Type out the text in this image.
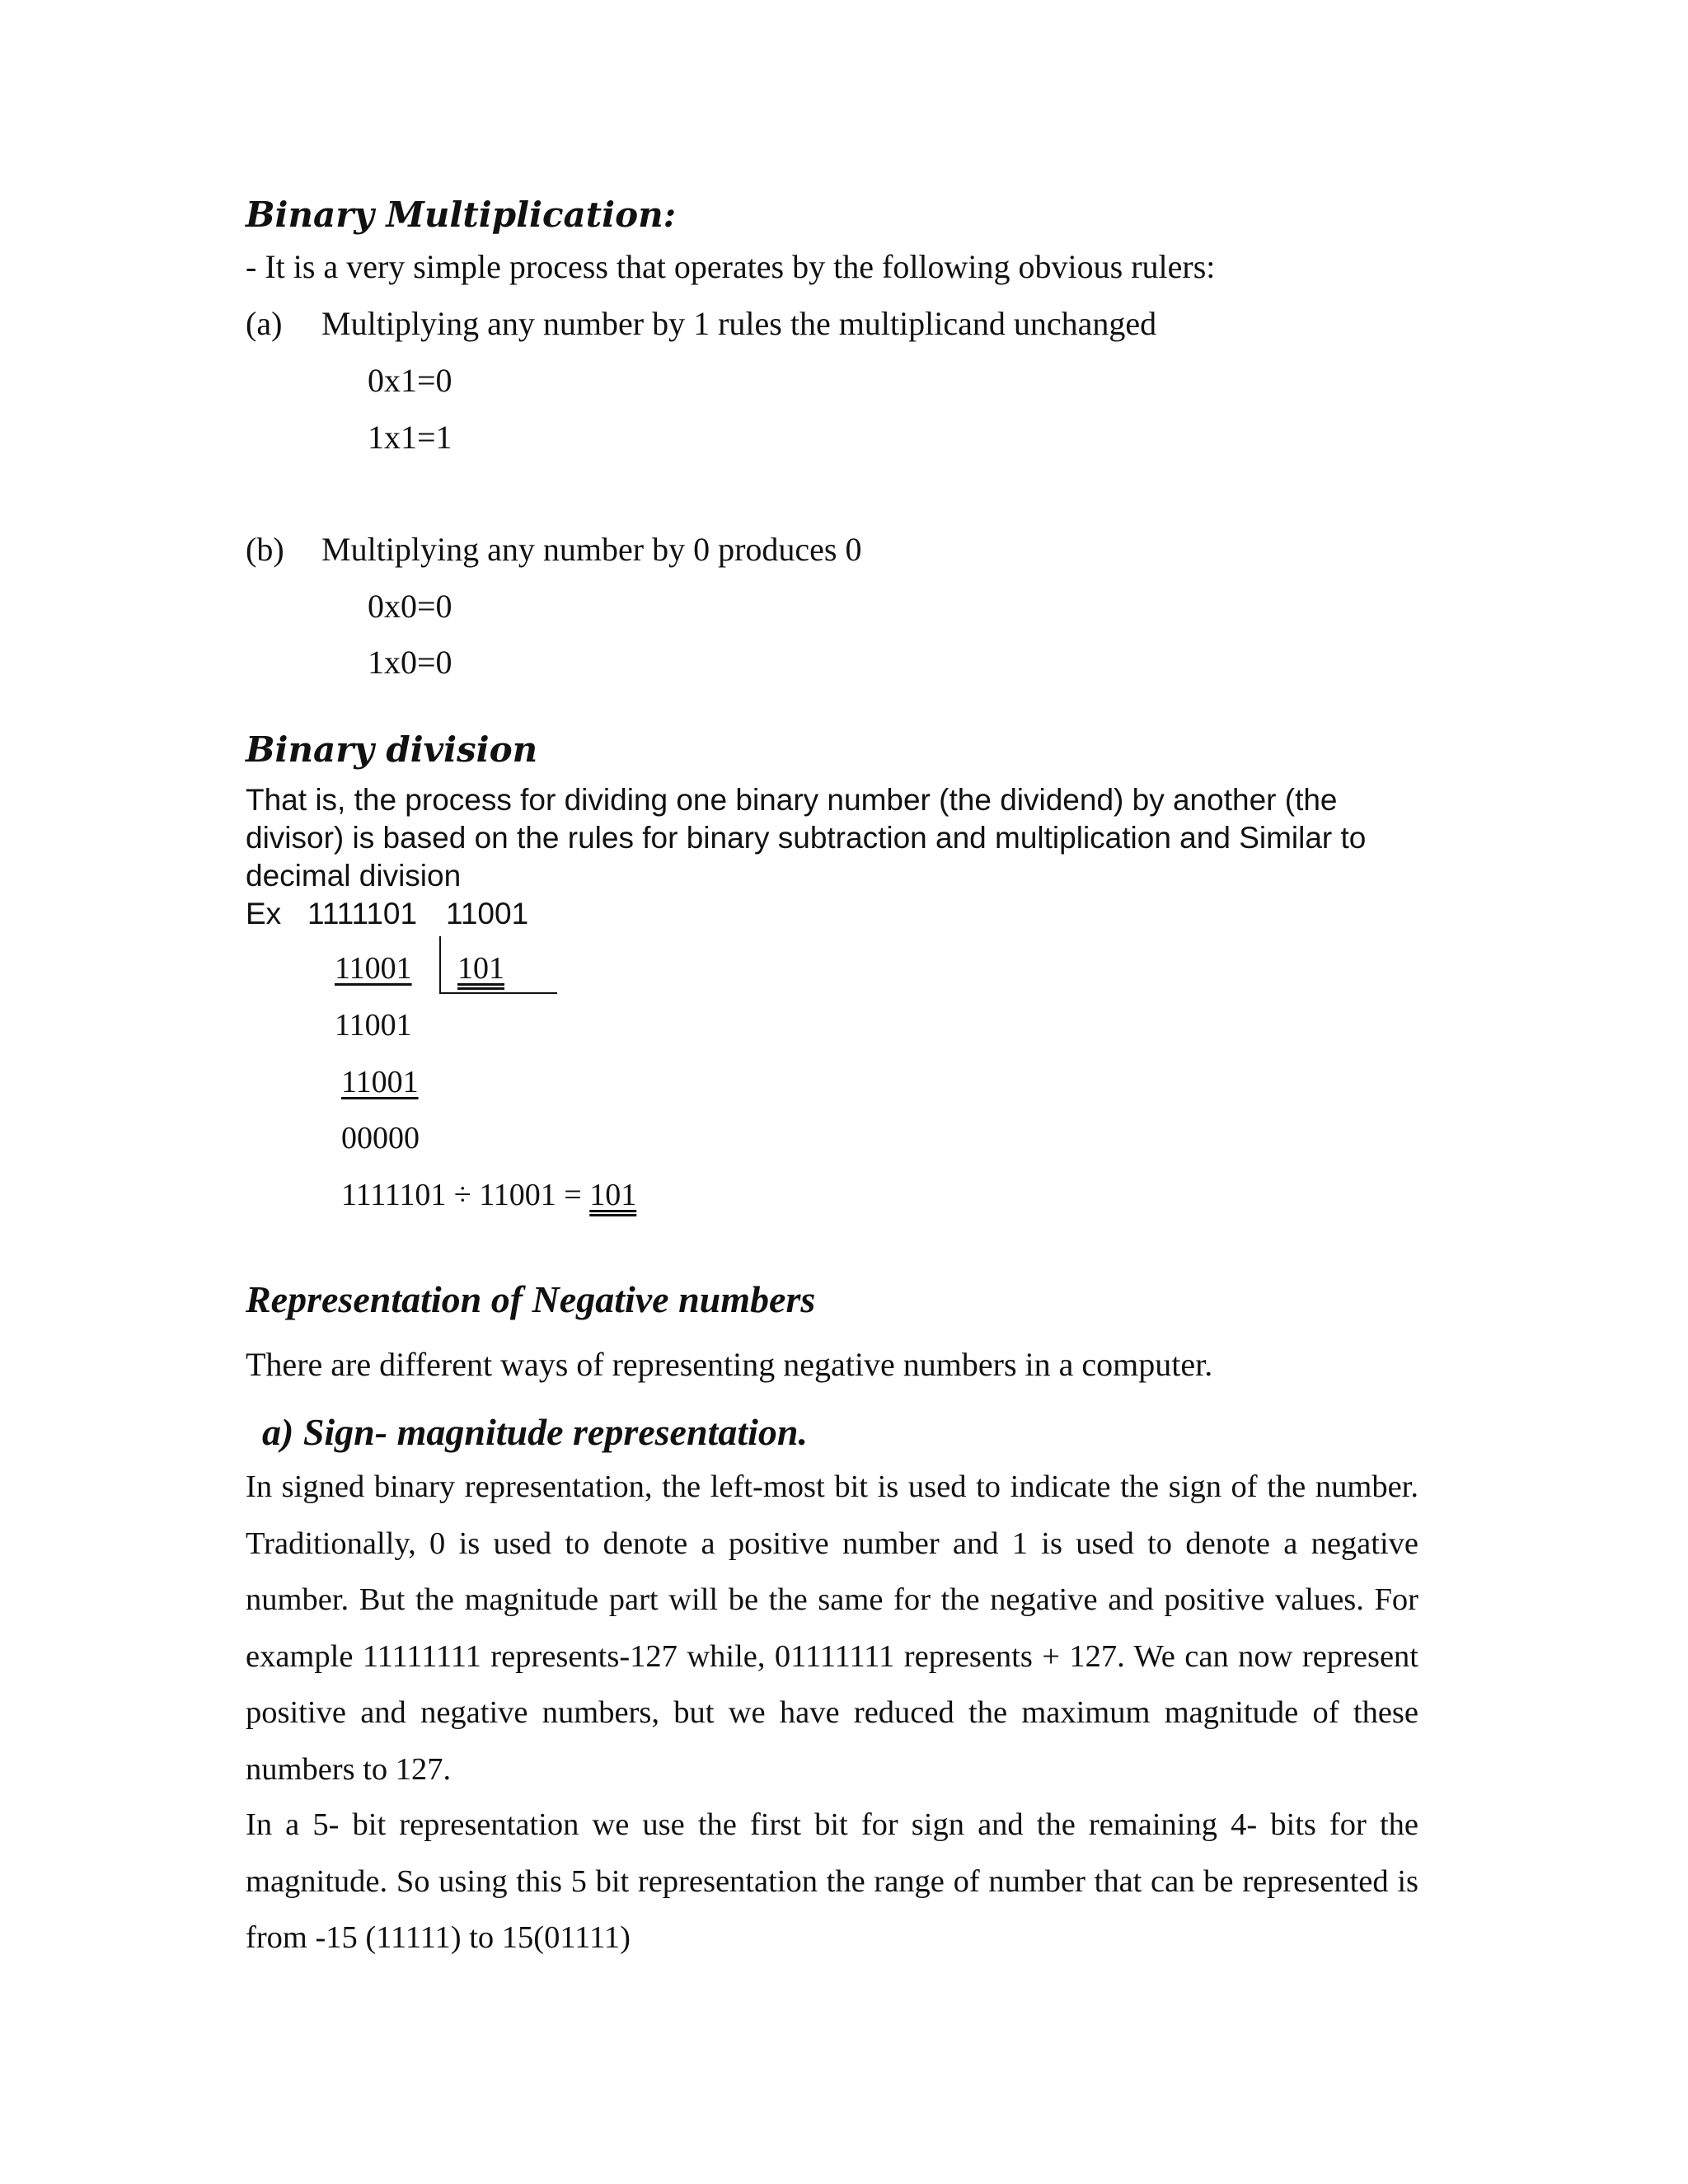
Binary Multiplication:
- It is a very simple process that operates by the following obvious rulers:
(a) Multiplying any number by 1 rules the multiplicand unchanged
0x1=0
1x1=1
(b) Multiplying any number by 0 produces 0
0x0=0
1x0=0
Binary division
That is, the process for dividing one binary number (the dividend) by another (the
divisor) is based on the rules for binary subtraction and multiplication and Similar to
decimal division
Ex 1111101 11001
11001 101
11001
11001
00000
1111101 ÷ 11001 = 101
Representation of Negative numbers
There are different ways of representing negative numbers in a computer.
a) Sign- magnitude representation.

In signed binary representation, the left-most bit is used to indicate the sign of the number. Traditionally, 0 is used to denote a positive number and 1 is used to denote a negative number. But the magnitude part will be the same for the negative and positive values. For example 11111111 represents-127 while, 01111111 represents + 127. We can now represent positive and negative numbers, but we have reduced the maximum magnitude of these numbers to 127.

In a 5- bit representation we use the first bit for sign and the remaining 4- bits for the magnitude. So using this 5 bit representation the range of number that can be represented is from -15 (11111) to 15(01111)
